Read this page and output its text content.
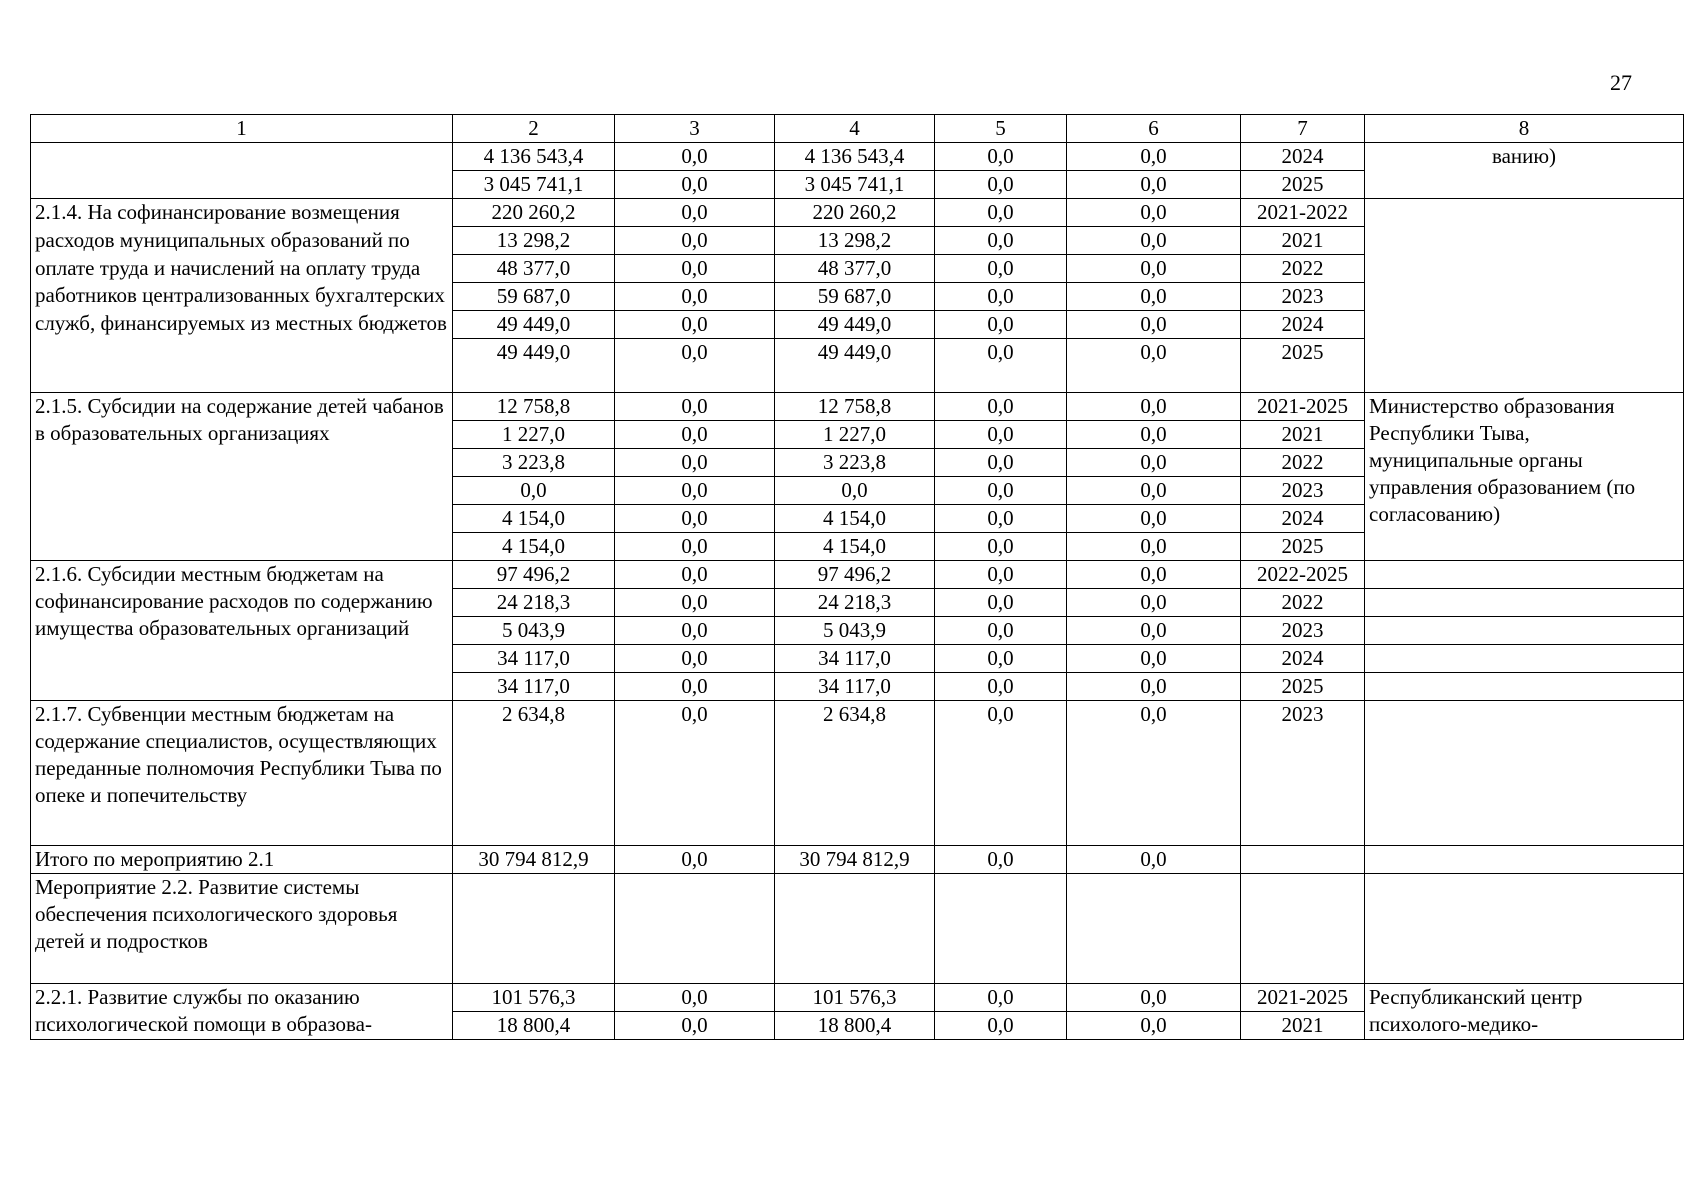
27
1	2	3	4	5	6	7	8
	4 136 543,4	0,0	4 136 543,4	0,0	0,0	2024	ванию)
	3 045 741,1	0,0	3 045 741,1	0,0	0,0	2025	
2.1.4. На софинансирование возмещения расходов муниципальных образований по оплате труда и начислений на оплату труда работников централизованных бухгалтерских служб, финансируемых из местных бюджетов	220 260,2	0,0	220 260,2	0,0	0,0	2021-2022	
	13 298,2	0,0	13 298,2	0,0	0,0	2021	
	48 377,0	0,0	48 377,0	0,0	0,0	2022	
	59 687,0	0,0	59 687,0	0,0	0,0	2023	
	49 449,0	0,0	49 449,0	0,0	0,0	2024	
	49 449,0	0,0	49 449,0	0,0	0,0	2025	
2.1.5. Субсидии на содержание детей чабанов в образовательных организациях	12 758,8	0,0	12 758,8	0,0	0,0	2021-2025	Министерство образования Республики Тыва, муниципальные органы управления образованием (по согласованию)
	1 227,0	0,0	1 227,0	0,0	0,0	2021	
	3 223,8	0,0	3 223,8	0,0	0,0	2022	
	0,0	0,0	0,0	0,0	0,0	2023	
	4 154,0	0,0	4 154,0	0,0	0,0	2024	
	4 154,0	0,0	4 154,0	0,0	0,0	2025	
2.1.6. Субсидии местным бюджетам на софинансирование расходов по содержанию имущества образовательных организаций	97 496,2	0,0	97 496,2	0,0	0,0	2022-2025	
	24 218,3	0,0	24 218,3	0,0	0,0	2022	
	5 043,9	0,0	5 043,9	0,0	0,0	2023	
	34 117,0	0,0	34 117,0	0,0	0,0	2024	
	34 117,0	0,0	34 117,0	0,0	0,0	2025	
2.1.7. Субвенции местным бюджетам на содержание специалистов, осуществляющих переданные полномочия Республики Тыва по опеке и попечительству	2 634,8	0,0	2 634,8	0,0	0,0	2023	
Итого по мероприятию 2.1	30 794 812,9	0,0	30 794 812,9	0,0	0,0		
Мероприятие 2.2. Развитие системы обеспечения психологического здоровья детей и подростков							
2.2.1. Развитие службы по оказанию психологической помощи в образова-	101 576,3	0,0	101 576,3	0,0	0,0	2021-2025	Республиканский центр психолого-медико-
	18 800,4	0,0	18 800,4	0,0	0,0	2021	
